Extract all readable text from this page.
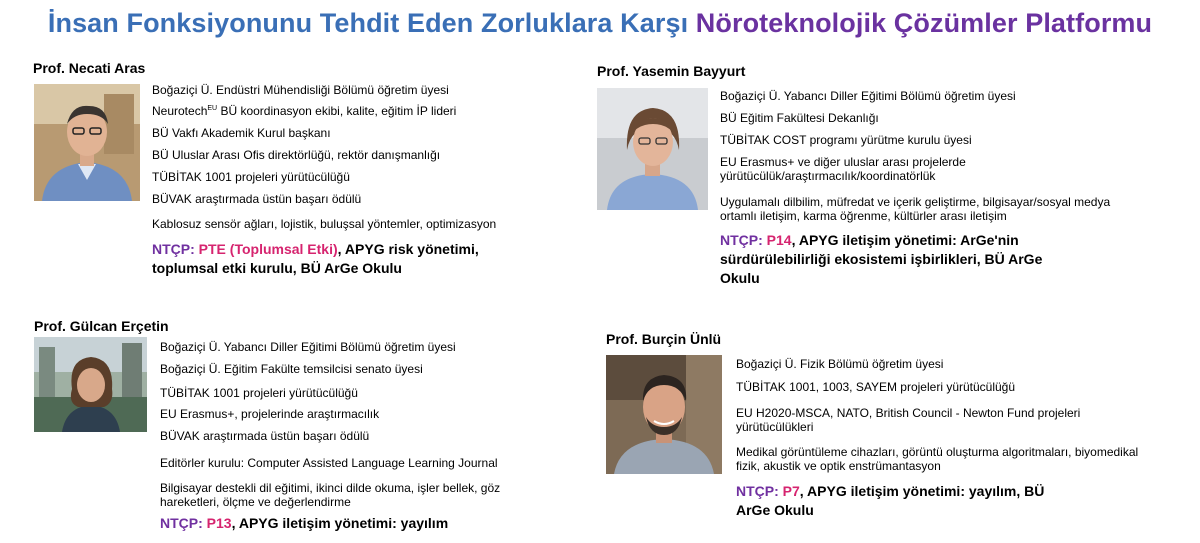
İnsan Fonksiyonunu Tehdit Eden Zorluklara Karşı Nöroteknolojik Çözümler Platformu
Prof. Necati Aras
Boğaziçi Ü. Endüstri Mühendisliği Bölümü öğretim üyesi
Neurotech$^{EU}$ BÜ koordinasyon ekibi, kalite, eğitim İP lideri
BÜ Vakfı Akademik Kurul başkanı
BÜ Uluslar Arası Ofis direktörlüğü, rektör danışmanlığı
TÜBİTAK 1001 projeleri yürütücülüğü
BÜVAK araştırmada üstün başarı ödülü
Kablosuz sensör ağları, lojistik, buluşsal yöntemler, optimizasyon
NTÇP: PTE (Toplumsal Etki), APYG risk yönetimi,
toplumsal etki kurulu, BÜ ArGe Okulu
Prof. Yasemin Bayyurt
Boğaziçi Ü. Yabancı Diller Eğitimi Bölümü öğretim üyesi
BÜ Eğitim Fakültesi Dekanlığı
TÜBİTAK COST programı yürütme kurulu üyesi
EU Erasmus+ ve diğer uluslar arası projelerde
yürütücülük/araştırmacılık/koordinatörlük
Uygulamalı dilbilim, müfredat ve içerik geliştirme, bilgisayar/sosyal medya
ortamlı iletişim, karma öğrenme, kültürler arası iletişim
NTÇP: P14, APYG iletişim yönetimi: ArGe'nin
sürdürülebilirliği ekosistemi işbirlikleri, BÜ ArGe
Okulu
Prof. Gülcan Erçetin
Boğaziçi Ü. Yabancı Diller Eğitimi Bölümü öğretim üyesi
Boğaziçi Ü. Eğitim Fakülte temsilcisi senato üyesi
TÜBİTAK 1001 projeleri yürütücülüğü
EU Erasmus+, projelerinde araştırmacılık
BÜVAK araştırmada üstün başarı ödülü
Editörler kurulu: Computer Assisted Language Learning Journal
Bilgisayar destekli dil eğitimi, ikinci dilde okuma, işler bellek, göz
hareketleri, ölçme ve değerlendirme
NTÇP: P13, APYG iletişim yönetimi: yayılım
Prof. Burçin Ünlü
Boğaziçi Ü. Fizik Bölümü öğretim üyesi
TÜBİTAK 1001, 1003, SAYEM projeleri yürütücülüğü
EU H2020-MSCA, NATO, British Council - Newton Fund projeleri
yürütücülükleri
Medikal görüntüleme cihazları, görüntü oluşturma algoritmaları, biyomedikal
fizik, akustik ve optik enstrümantasyon
NTÇP: P7, APYG iletişim yönetimi: yayılım, BÜ
ArGe Okulu
